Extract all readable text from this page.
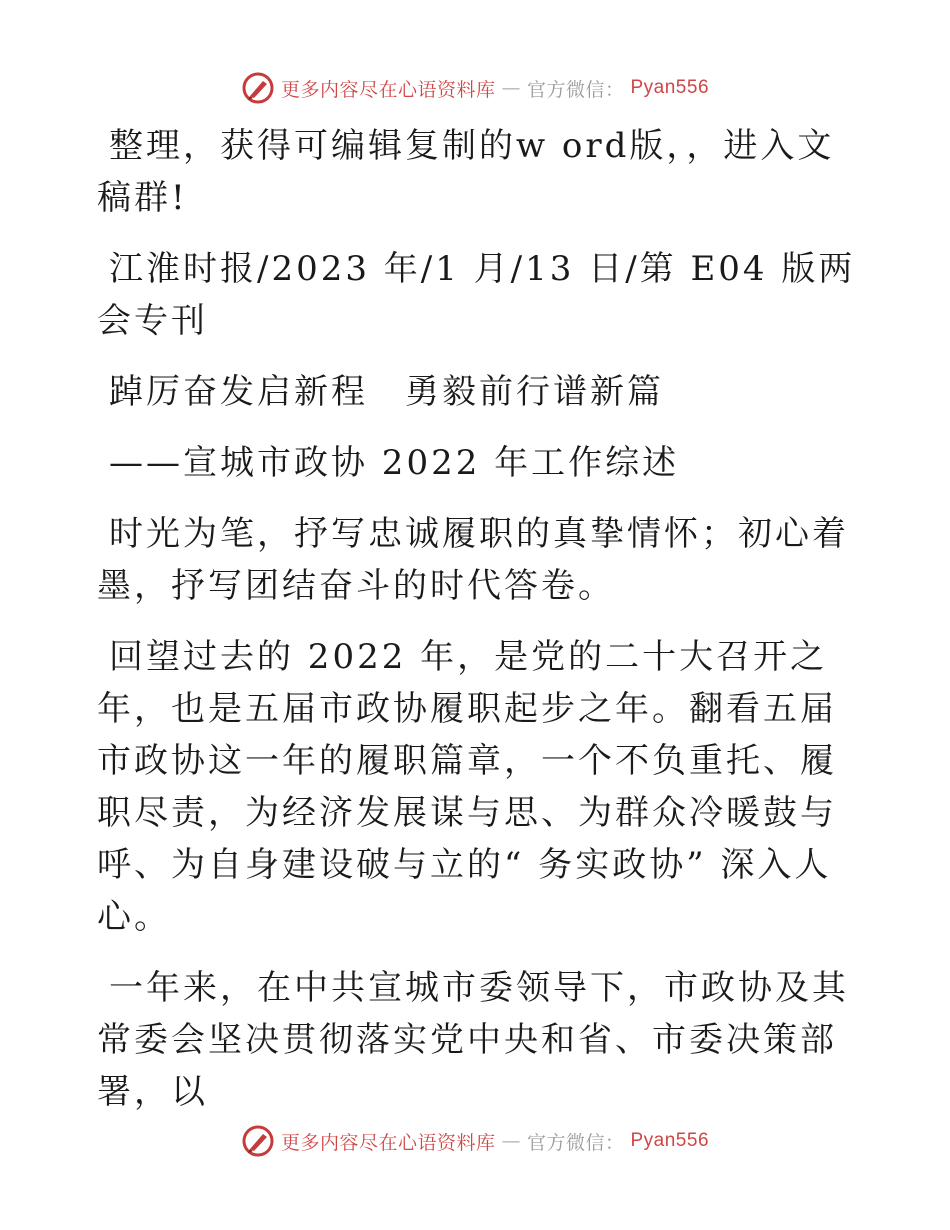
更多内容尽在心语资料库 — 官方微信： Pyan556

整理，获得可编辑复制的w ord版，，进入文稿群!

江淮时报/2023 年/1 月/13 日/第 E04 版两会专刊

踔厉奋发启新程　勇毅前行谱新篇

——宣城市政协 2022 年工作综述

时光为笔，抒写忠诚履职的真挚情怀；初心着墨，抒写团结奋斗的时代答卷。

回望过去的 2022 年，是党的二十大召开之年，也是五届市政协履职起步之年。翻看五届市政协这一年的履职篇章，一个不负重托、履职尽责，为经济发展谋与思、为群众冷暖鼓与呼、为自身建设破与立的“ 务实政协” 深入人心。

一年来，在中共宣城市委领导下，市政协及其常委会坚决贯彻落实党中央和省、市委决策部署，以

更多内容尽在心语资料库 — 官方微信： Pyan556
